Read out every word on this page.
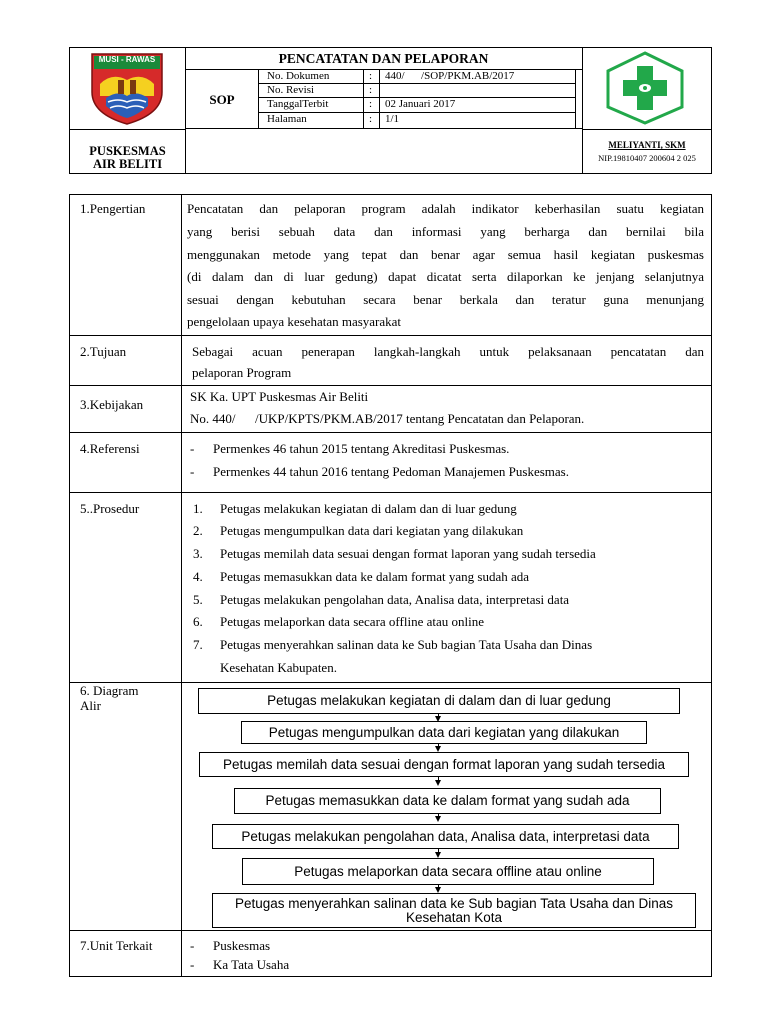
MUSI - RAWAS	PENCATATAN DAN PELAPORAN
SOP
No. Dokumen	: 440/      /SOP/PKM.AB/2017
No. Revisi	:
TanggalTerbit	: 02 Januari 2017
Halaman	: 1/1
PUSKESMAS
AIR BELITI
MELIYANTI, SKM
NIP.19810407 200604 2 025
1.Pengertian	Pencatatan dan pelaporan program adalah indikator keberhasilan suatu kegiatan
yang berisi sebuah data dan informasi yang berharga dan bernilai bila
menggunakan metode yang tepat dan benar agar semua hasil kegiatan puskesmas
(di dalam dan di luar gedung) dapat dicatat serta dilaporkan ke jenjang selanjutnya
sesuai dengan kebutuhan secara benar berkala dan teratur guna menunjang
pengelolaan upaya kesehatan masyarakat
2.Tujuan	Sebagai acuan penerapan langkah-langkah untuk pelaksanaan pencatatan dan
pelaporan Program
3.Kebijakan
SK Ka. UPT Puskesmas Air Beliti
No. 440/      /UKP/KPTS/PKM.AB/2017 tentang Pencatatan dan Pelaporan.
4.Referensi	- Permenkes 46 tahun 2015 tentang Akreditasi Puskesmas.
- Permenkes 44 tahun 2016 tentang Pedoman Manajemen Puskesmas.
5..Prosedur	1. Petugas melakukan kegiatan di dalam dan di luar gedung
2. Petugas mengumpulkan data dari kegiatan yang dilakukan
3. Petugas memilah data sesuai dengan format laporan yang sudah tersedia
4. Petugas memasukkan data ke dalam format yang sudah ada
5. Petugas melakukan pengolahan data, Analisa data, interpretasi data
6. Petugas melaporkan data secara offline atau online
7. Petugas menyerahkan salinan data ke Sub bagian Tata Usaha dan Dinas
Kesehatan Kabupaten.
6. Diagram
Alir	Petugas melakukan kegiatan di dalam dan di luar gedung
Petugas mengumpulkan data dari kegiatan yang dilakukan
Petugas memilah data sesuai dengan format laporan yang sudah tersedia
Petugas memasukkan data ke dalam format yang sudah ada
Petugas melakukan pengolahan data, Analisa data, interpretasi data
Petugas melaporkan data secara offline atau online
Petugas menyerahkan salinan data ke Sub bagian Tata Usaha dan Dinas
Kesehatan Kota
7.Unit Terkait	- Puskesmas
- Ka Tata Usaha
